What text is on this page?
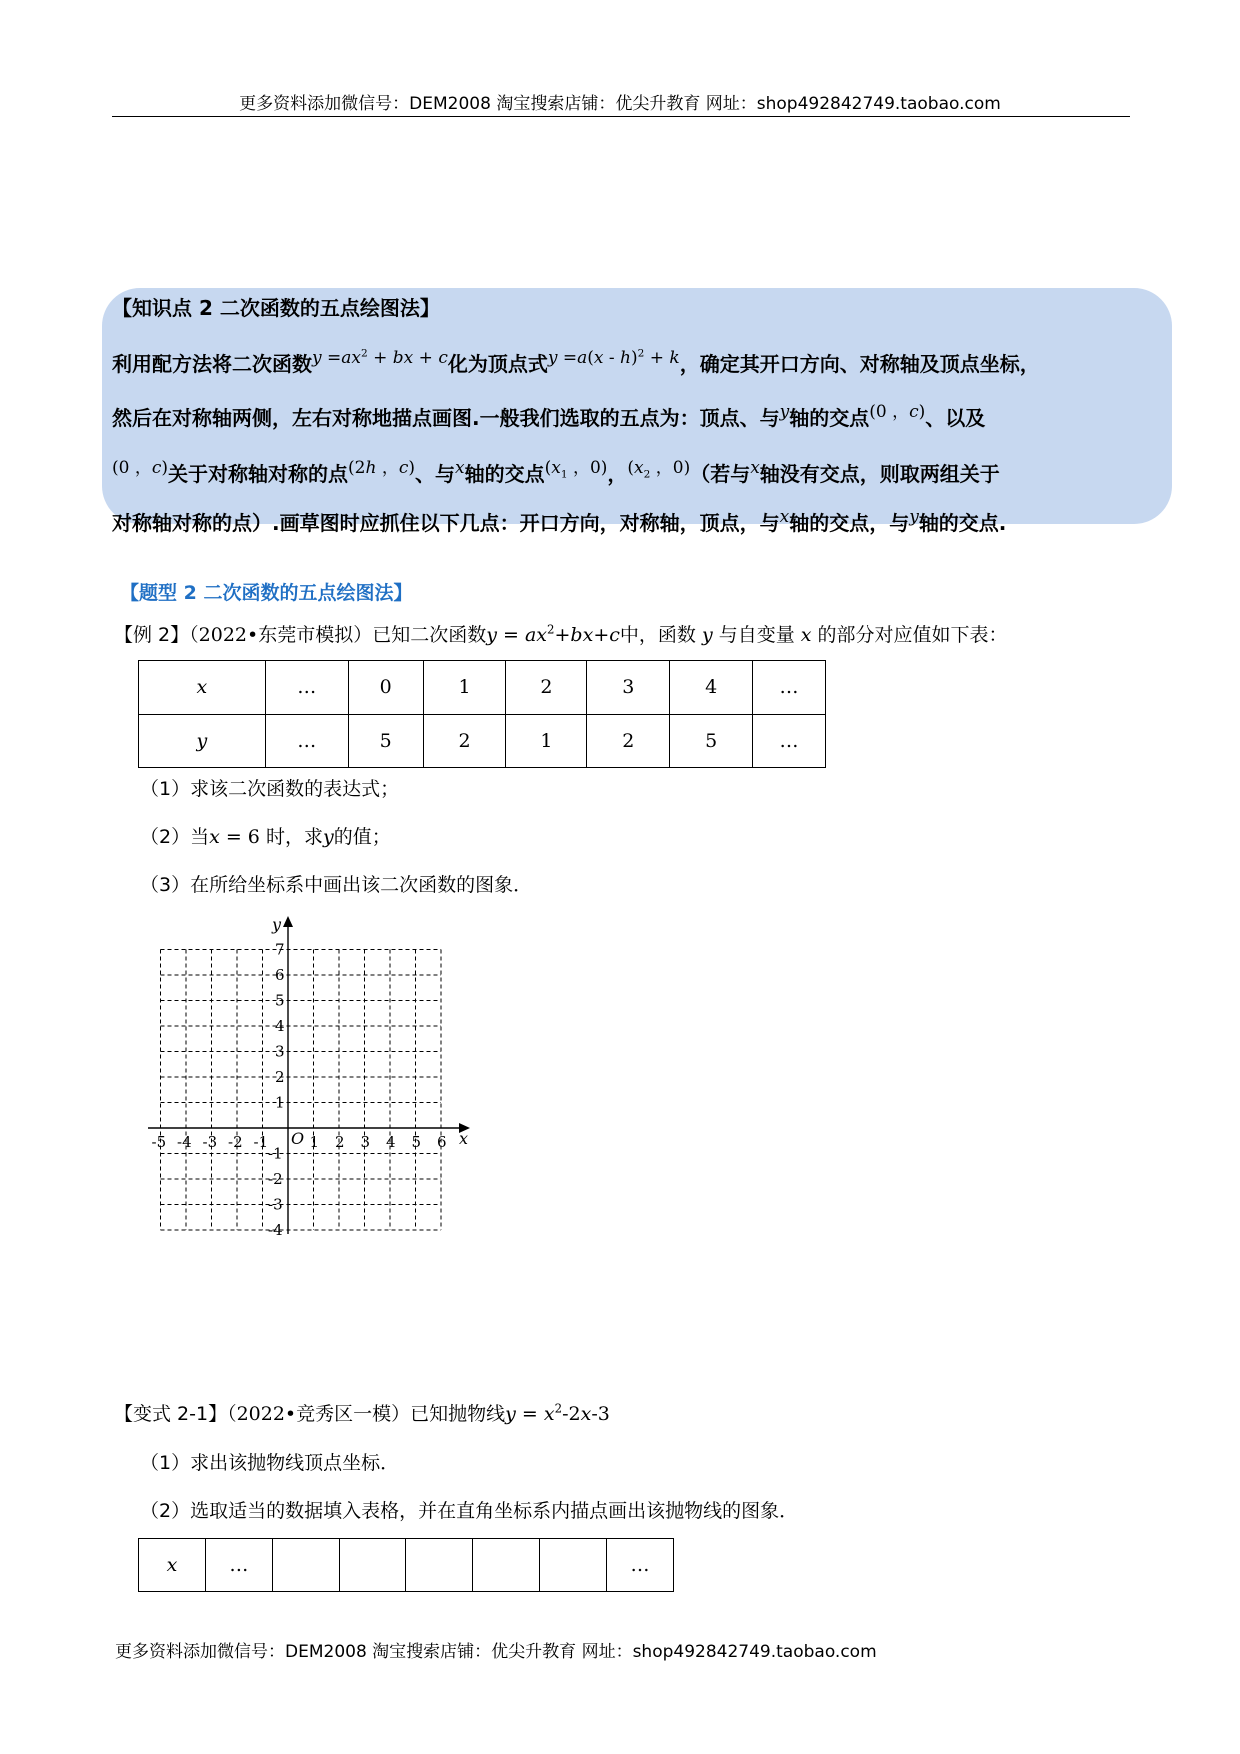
更多资料添加微信号：DEM2008 淘宝搜索店铺：优尖升教育 网址：shop492842749.taobao.com
【知识点 2 二次函数的五点绘图法】
利用配方法将二次函数$^{y =ax^2 + bx + c}$化为顶点式$^{y =a(x - h)^2 + k}$，确定其开口方向、对称轴及顶点坐标，
然后在对称轴两侧，左右对称地描点画图.一般我们选取的五点为：顶点、与$^y$轴的交点$^{(0 ,c)}$、以及
$^{(0 ,c)}$关于对称轴对称的点$^{(2h ,c)}$、与$^x$轴的交点$^{(x_1 ,0)}$，$^{(x_2 ,0)}$（若与$^x$轴没有交点，则取两组关于
对称轴对称的点）.画草图时应抓住以下几点：开口方向，对称轴，顶点，与$^x$轴的交点，与$^y$轴的交点.
【题型 2 二次函数的五点绘图法】
【例 2】（2022•东莞市模拟）已知二次函数$y = ax^2+bx+c$中，函数 y 与自变量 x 的部分对应值如下表：
x	…	0	1	2	3	4	…
y	…	5	2	1	2	5	…
（1）求该二次函数的表达式；
（2）当x = 6 时，求y的值；
（3）在所给坐标系中画出该二次函数的图象．
-5 -4 -3 -2 -1	1 2 3 4 5 6
7
6
5
4
3
2
1
-1
-2
-3
-4
x
y
O
【变式 2-1】（2022•竞秀区一模）已知抛物线$y = x^2-2x-3$
（1）求出该抛物线顶点坐标．
（2）选取适当的数据填入表格，并在直角坐标系内描点画出该抛物线的图象．
x	…						…
更多资料添加微信号：DEM2008 淘宝搜索店铺：优尖升教育 网址：shop492842749.taobao.com
